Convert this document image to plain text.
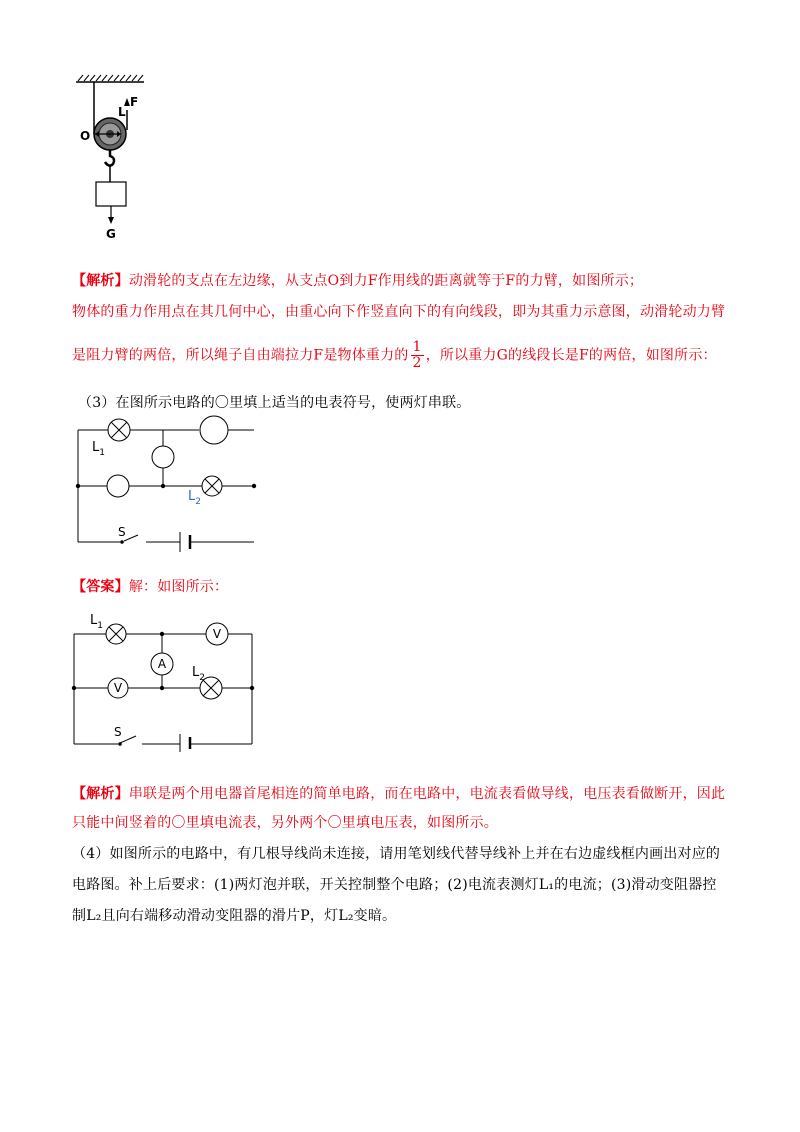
L
F
O
G
【解析】动滑轮的支点在左边缘，从支点O到力F作用线的距离就等于F的力臂，如图所示；
物体的重力作用点在其几何中心，由重心向下作竖直向下的有向线段，即为其重力示意图，动滑轮动力臂
是阻力臂的两倍，所以绳子自由端拉力F是物体重力的 $\frac{1}{2}$ ，所以重力G的线段长是F的两倍，如图所示：
（3）在图所示电路的〇里填上适当的电表符号，使两灯串联。
$L_1$
$L_2$
S
【答案】解：如图所示：
V
A
V
$L_1$
$L_2$
S
【解析】串联是两个用电器首尾相连的简单电路，而在电路中，电流表看做导线，电压表看做断开，因此
只能中间竖着的〇里填电流表，另外两个〇里填电压表，如图所示。
（4）如图所示的电路中，有几根导线尚未连接，请用笔划线代替导线补上并在右边虚线框内画出对应的
电路图。补上后要求：(1)两灯泡并联，开关控制整个电路；(2)电流表测灯L₁的电流；(3)滑动变阻器控
制L₂且向右端移动滑动变阻器的滑片P，灯L₂变暗。
